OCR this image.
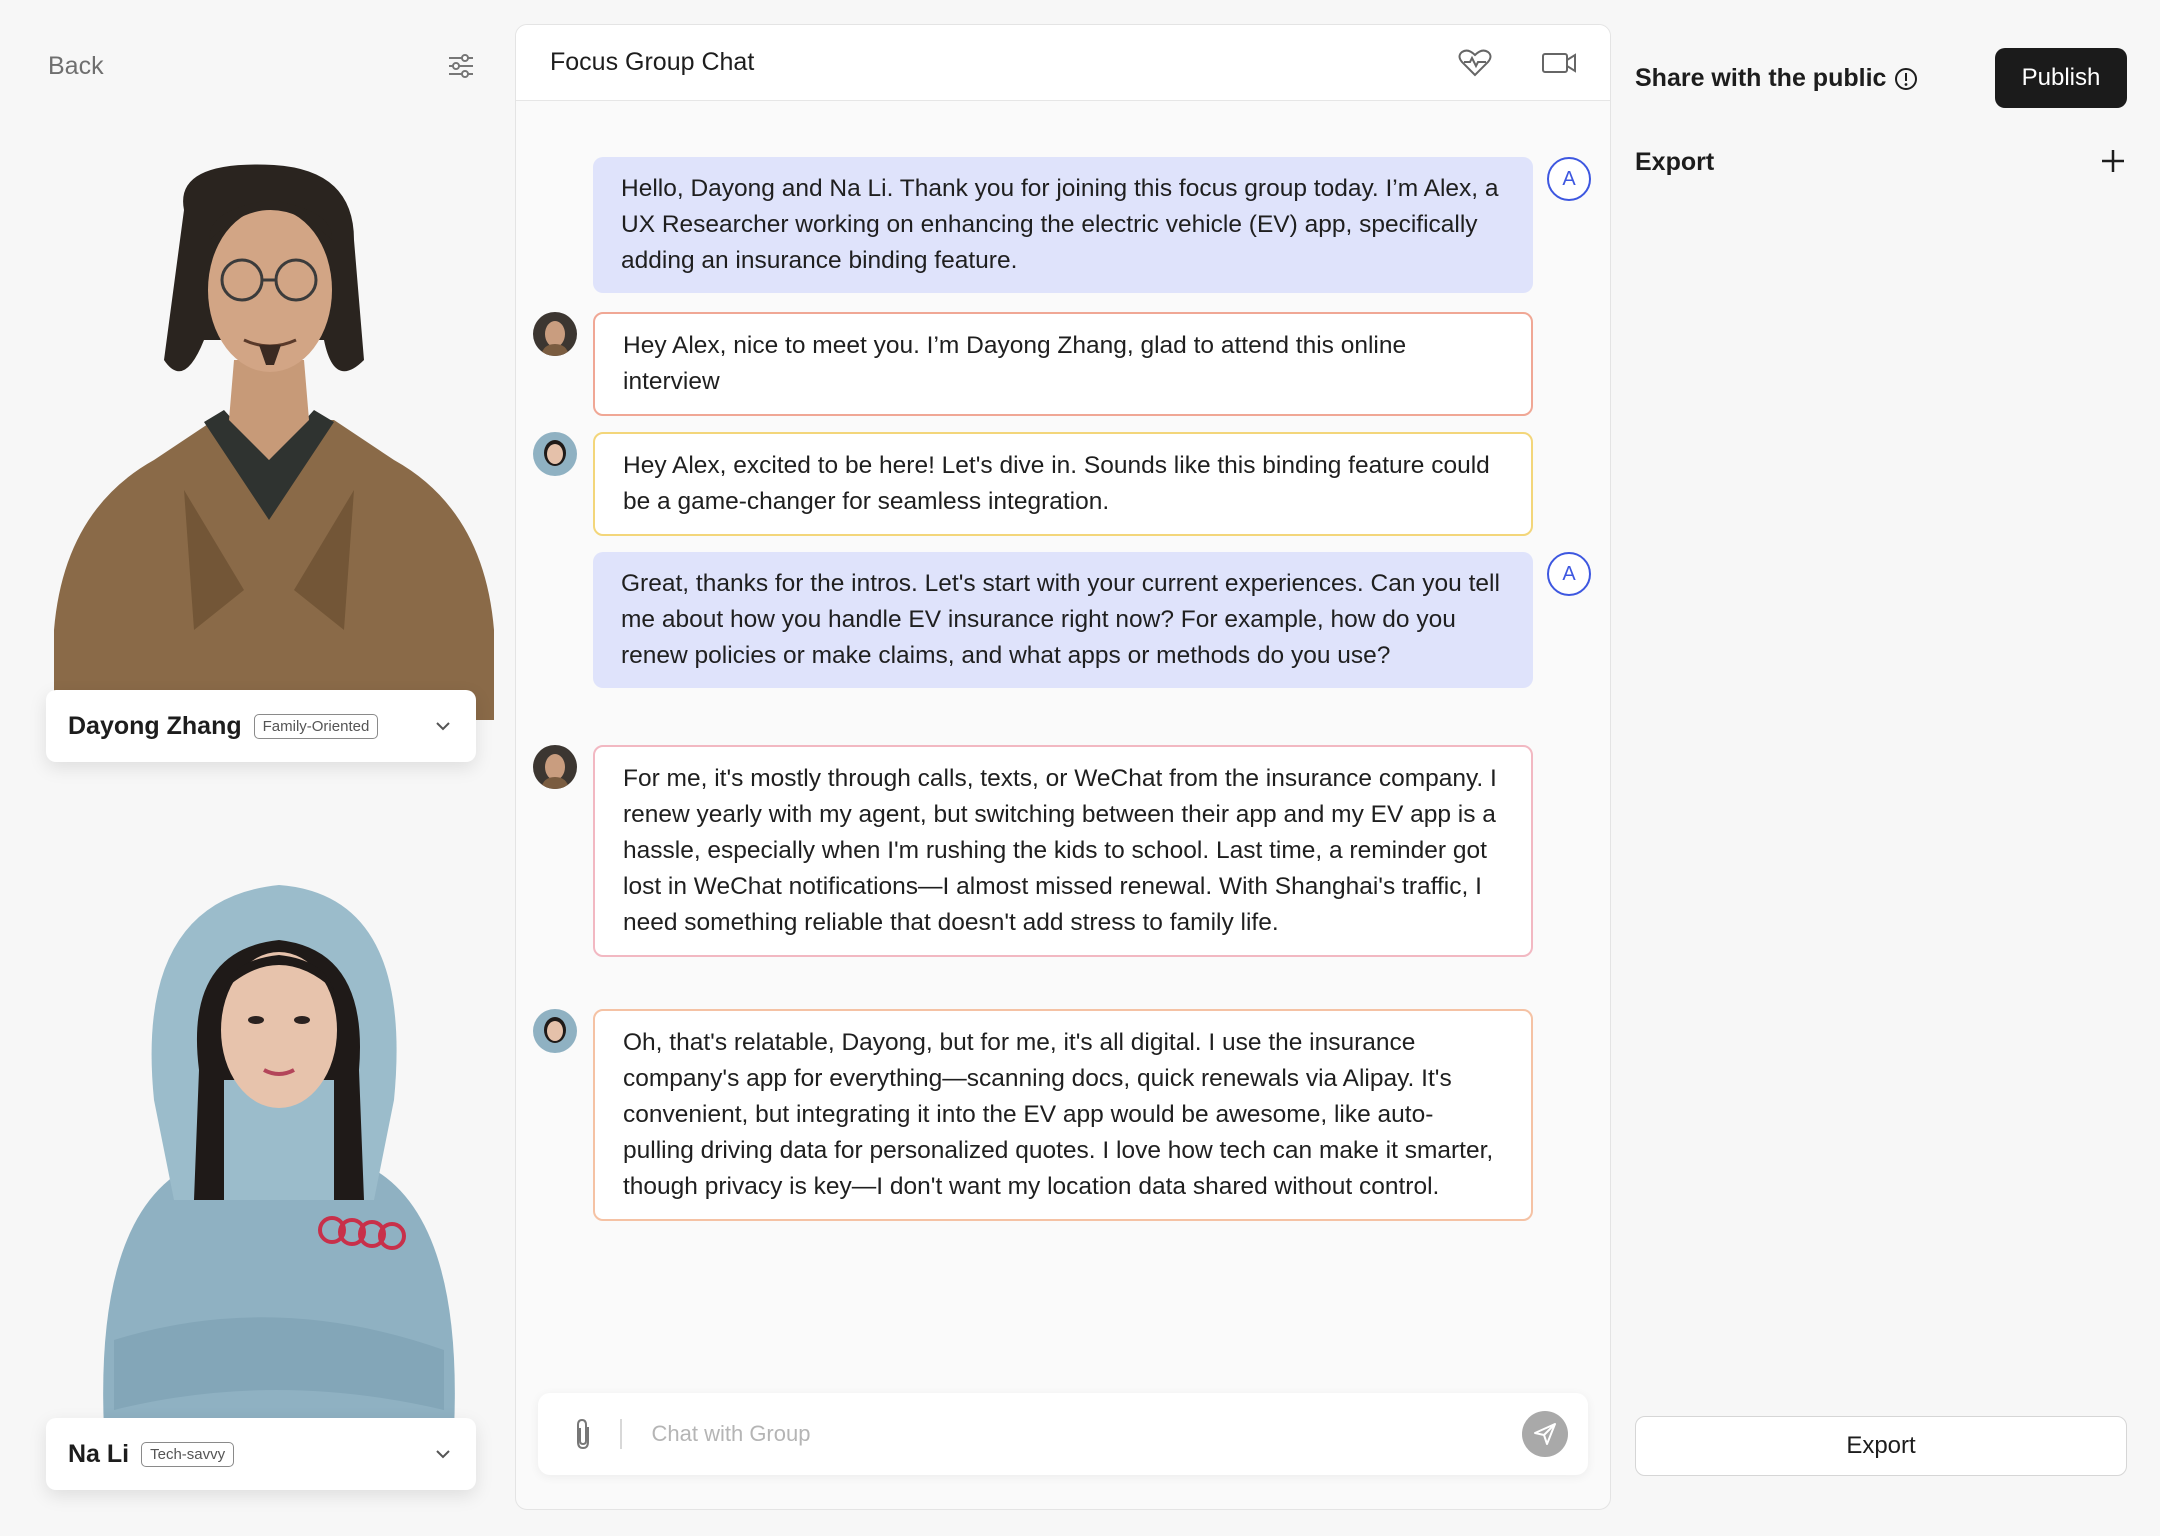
Back
Dayong Zhang	Family-Oriented
Na Li	Tech-savvy
Focus Group Chat
Hello, Dayong and Na Li. Thank you for joining this focus group today. I’m Alex, a UX Researcher working on enhancing the electric vehicle (EV) app, specifically adding an insurance binding feature.
A
Hey Alex, nice to meet you. I’m Dayong Zhang, glad to attend this online interview
Hey Alex, excited to be here! Let's dive in. Sounds like this binding feature could be a game-changer for seamless integration.
Great, thanks for the intros. Let's start with your current experiences. Can you tell me about how you handle EV insurance right now? For example, how do you renew policies or make claims, and what apps or methods do you use?
A
For me, it's mostly through calls, texts, or WeChat from the insurance company. I renew yearly with my agent, but switching between their app and my EV app is a hassle, especially when I'm rushing the kids to school. Last time, a reminder got lost in WeChat notifications—I almost missed renewal. With Shanghai's traffic, I need something reliable that doesn't add stress to family life.
Oh, that's relatable, Dayong, but for me, it's all digital. I use the insurance company's app for everything—scanning docs, quick renewals via Alipay. It's convenient, but integrating it into the EV app would be awesome, like auto-pulling driving data for personalized quotes. I love how tech can make it smarter, though privacy is key—I don't want my location data shared without control.
Chat with Group
Share with the public	Publish
Export
Export
